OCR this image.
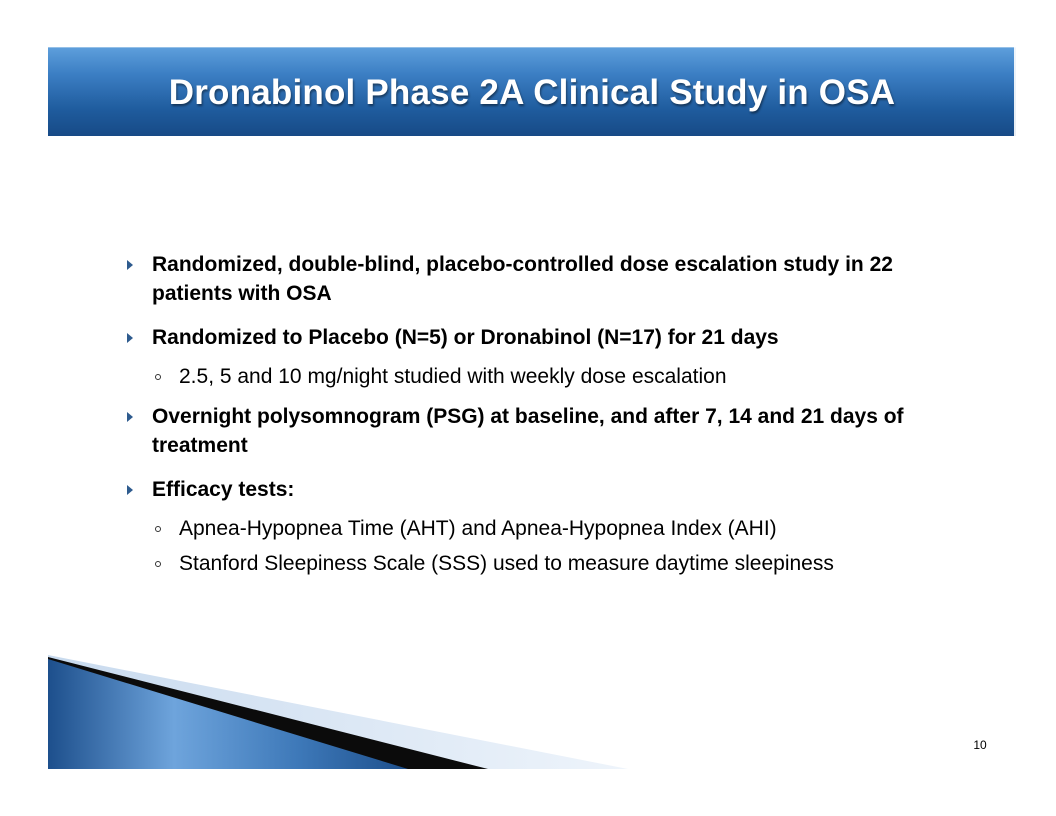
Dronabinol Phase 2A Clinical Study in OSA
Randomized, double-blind, placebo-controlled dose escalation study in 22 patients with OSA
Randomized to Placebo (N=5) or Dronabinol (N=17) for 21 days
2.5, 5 and 10 mg/night studied with weekly dose escalation
Overnight polysomnogram (PSG) at baseline, and after 7, 14 and 21 days of treatment
Efficacy tests:
Apnea-Hypopnea Time (AHT) and Apnea-Hypopnea Index (AHI)
Stanford Sleepiness Scale (SSS) used to measure daytime sleepiness
10
